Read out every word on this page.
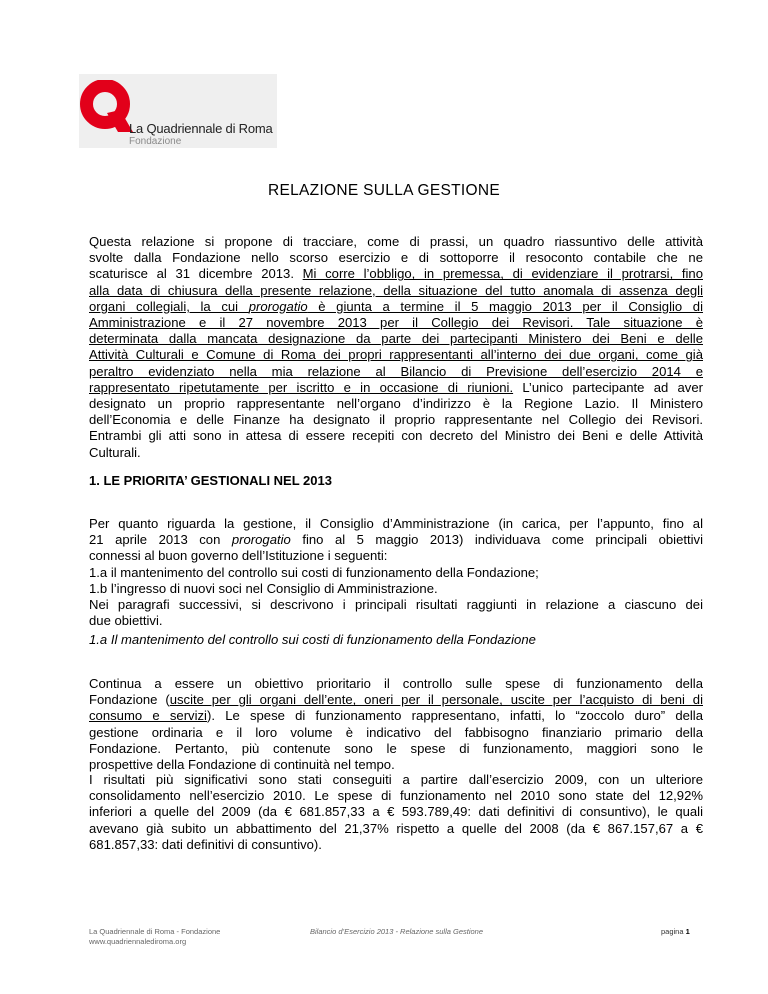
La Quadriennale di Roma
Fondazione
RELAZIONE SULLA GESTIONE
Questa relazione si propone di tracciare, come di prassi, un quadro riassuntivo delle attività
svolte dalla Fondazione nello scorso esercizio e di sottoporre il resoconto contabile che ne
scaturisce al 31 dicembre 2013. Mi corre l’obbligo, in premessa, di evidenziare il protrarsi, fino
alla data di chiusura della presente relazione, della situazione del tutto anomala di assenza degli
organi collegiali, la cui prorogatio è giunta a termine il 5 maggio 2013 per il Consiglio di
Amministrazione e il 27 novembre 2013 per il Collegio dei Revisori. Tale situazione è
determinata dalla mancata designazione da parte dei partecipanti Ministero dei Beni e delle
Attività Culturali e Comune di Roma dei propri rappresentanti all’interno dei due organi, come già
peraltro evidenziato nella mia relazione al Bilancio di Previsione dell’esercizio 2014 e
rappresentato ripetutamente per iscritto e in occasione di riunioni. L’unico partecipante ad aver
designato un proprio rappresentante nell’organo d’indirizzo è la Regione Lazio. Il Ministero
dell’Economia e delle Finanze ha designato il proprio rappresentante nel Collegio dei Revisori.
Entrambi gli atti sono in attesa di essere recepiti con decreto del Ministro dei Beni e delle Attività
Culturali.
1. LE PRIORITA’ GESTIONALI NEL 2013
Per quanto riguarda la gestione, il Consiglio d’Amministrazione (in carica, per l’appunto, fino al
21 aprile 2013 con prorogatio fino al 5 maggio 2013) individuava come principali obiettivi
connessi al buon governo dell’Istituzione i seguenti:
1.a il mantenimento del controllo sui costi di funzionamento della Fondazione;
1.b l’ingresso di nuovi soci nel Consiglio di Amministrazione.
Nei paragrafi successivi, si descrivono i principali risultati raggiunti in relazione a ciascuno dei
due obiettivi.
1.a Il mantenimento del controllo sui costi di funzionamento della Fondazione
Continua a essere un obiettivo prioritario il controllo sulle spese di funzionamento della
Fondazione (uscite per gli organi dell’ente, oneri per il personale, uscite per l’acquisto di beni di
consumo e servizi). Le spese di funzionamento rappresentano, infatti, lo “zoccolo duro” della
gestione ordinaria e il loro volume è indicativo del fabbisogno finanziario primario della
Fondazione. Pertanto, più contenute sono le spese di funzionamento, maggiori sono le
prospettive della Fondazione di continuità nel tempo.
I risultati più significativi sono stati conseguiti a partire dall’esercizio 2009, con un ulteriore
consolidamento nell’esercizio 2010. Le spese di funzionamento nel 2010 sono state del 12,92%
inferiori a quelle del 2009 (da € 681.857,33 a € 593.789,49: dati definitivi di consuntivo), le quali
avevano già subito un abbattimento del 21,37% rispetto a quelle del 2008 (da € 867.157,67 a €
681.857,33: dati definitivi di consuntivo).
La Quadriennale di Roma - Fondazione
www.quadriennalediroma.org
Bilancio d’Esercizio 2013 - Relazione sulla Gestione	pagina 1
